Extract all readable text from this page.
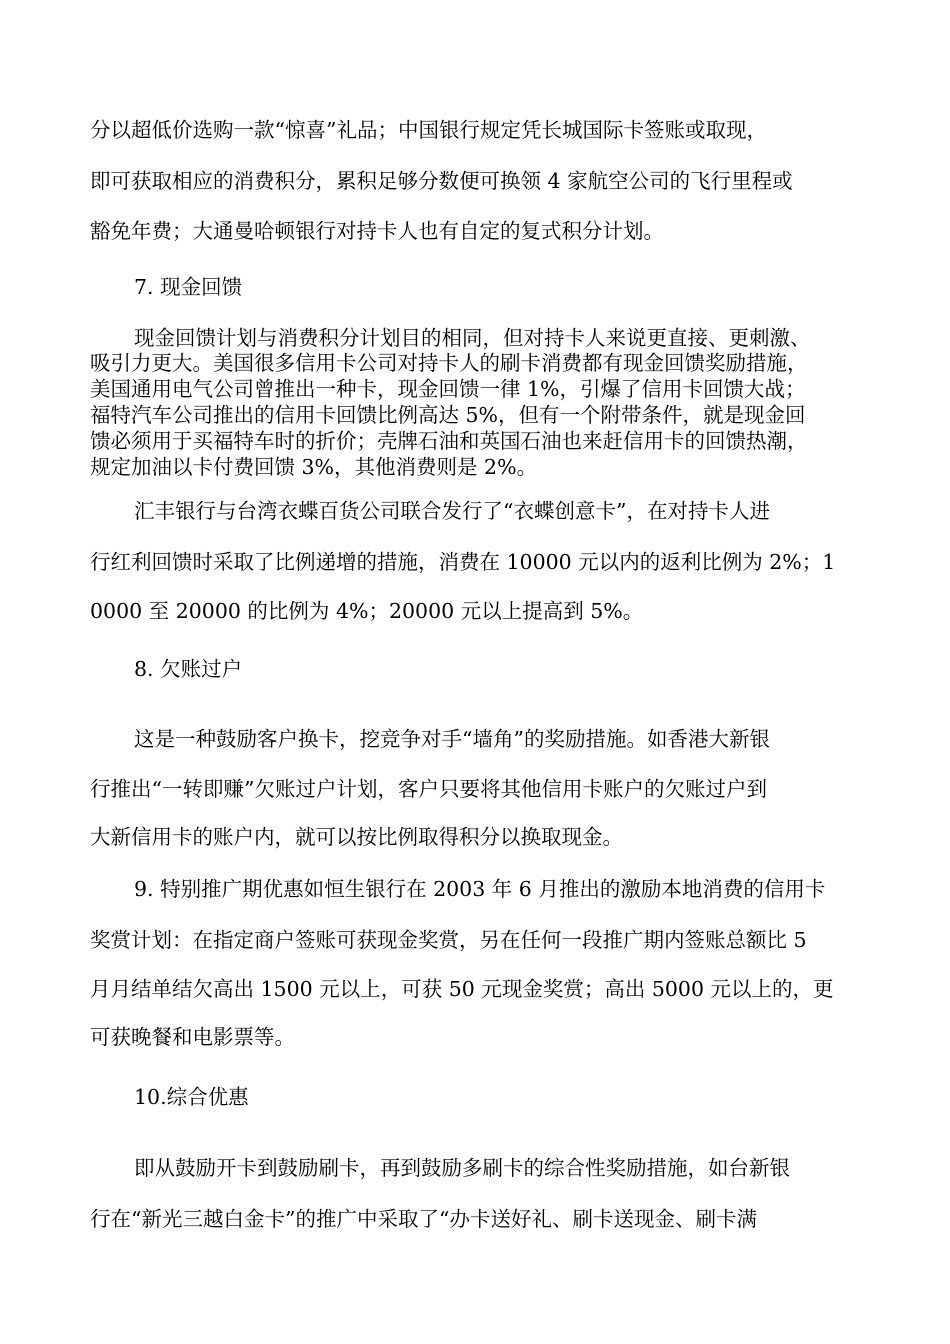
分以超低价选购一款“惊喜”礼品；中国银行规定凭长城国际卡签账或取现，
即可获取相应的消费积分，累积足够分数便可换领 4 家航空公司的飞行里程或
豁免年费；大通曼哈顿银行对持卡人也有自定的复式积分计划。
7. 现金回馈
现金回馈计划与消费积分计划目的相同，但对持卡人来说更直接、更刺激、
吸引力更大。美国很多信用卡公司对持卡人的刷卡消费都有现金回馈奖励措施，
美国通用电气公司曾推出一种卡，现金回馈一律 1%，引爆了信用卡回馈大战；
福特汽车公司推出的信用卡回馈比例高达 5%，但有一个附带条件，就是现金回
馈必须用于买福特车时的折价；壳牌石油和英国石油也来赶信用卡的回馈热潮，
规定加油以卡付费回馈 3%，其他消费则是 2%。
汇丰银行与台湾衣蝶百货公司联合发行了“衣蝶创意卡”，在对持卡人进
行红利回馈时采取了比例递增的措施，消费在 10000 元以内的返利比例为 2%；1
0000 至 20000 的比例为 4%；20000 元以上提高到 5%。
8. 欠账过户
这是一种鼓励客户换卡，挖竞争对手“墙角”的奖励措施。如香港大新银
行推出“一转即赚”欠账过户计划，客户只要将其他信用卡账户的欠账过户到
大新信用卡的账户内，就可以按比例取得积分以换取现金。
9. 特别推广期优惠如恒生银行在 2003 年 6 月推出的激励本地消费的信用卡
奖赏计划：在指定商户签账可获现金奖赏，另在任何一段推广期内签账总额比 5
月月结单结欠高出 1500 元以上，可获 50 元现金奖赏；高出 5000 元以上的，更
可获晚餐和电影票等。
10.综合优惠
即从鼓励开卡到鼓励刷卡，再到鼓励多刷卡的综合性奖励措施，如台新银
行在“新光三越白金卡”的推广中采取了“办卡送好礼、刷卡送现金、刷卡满
